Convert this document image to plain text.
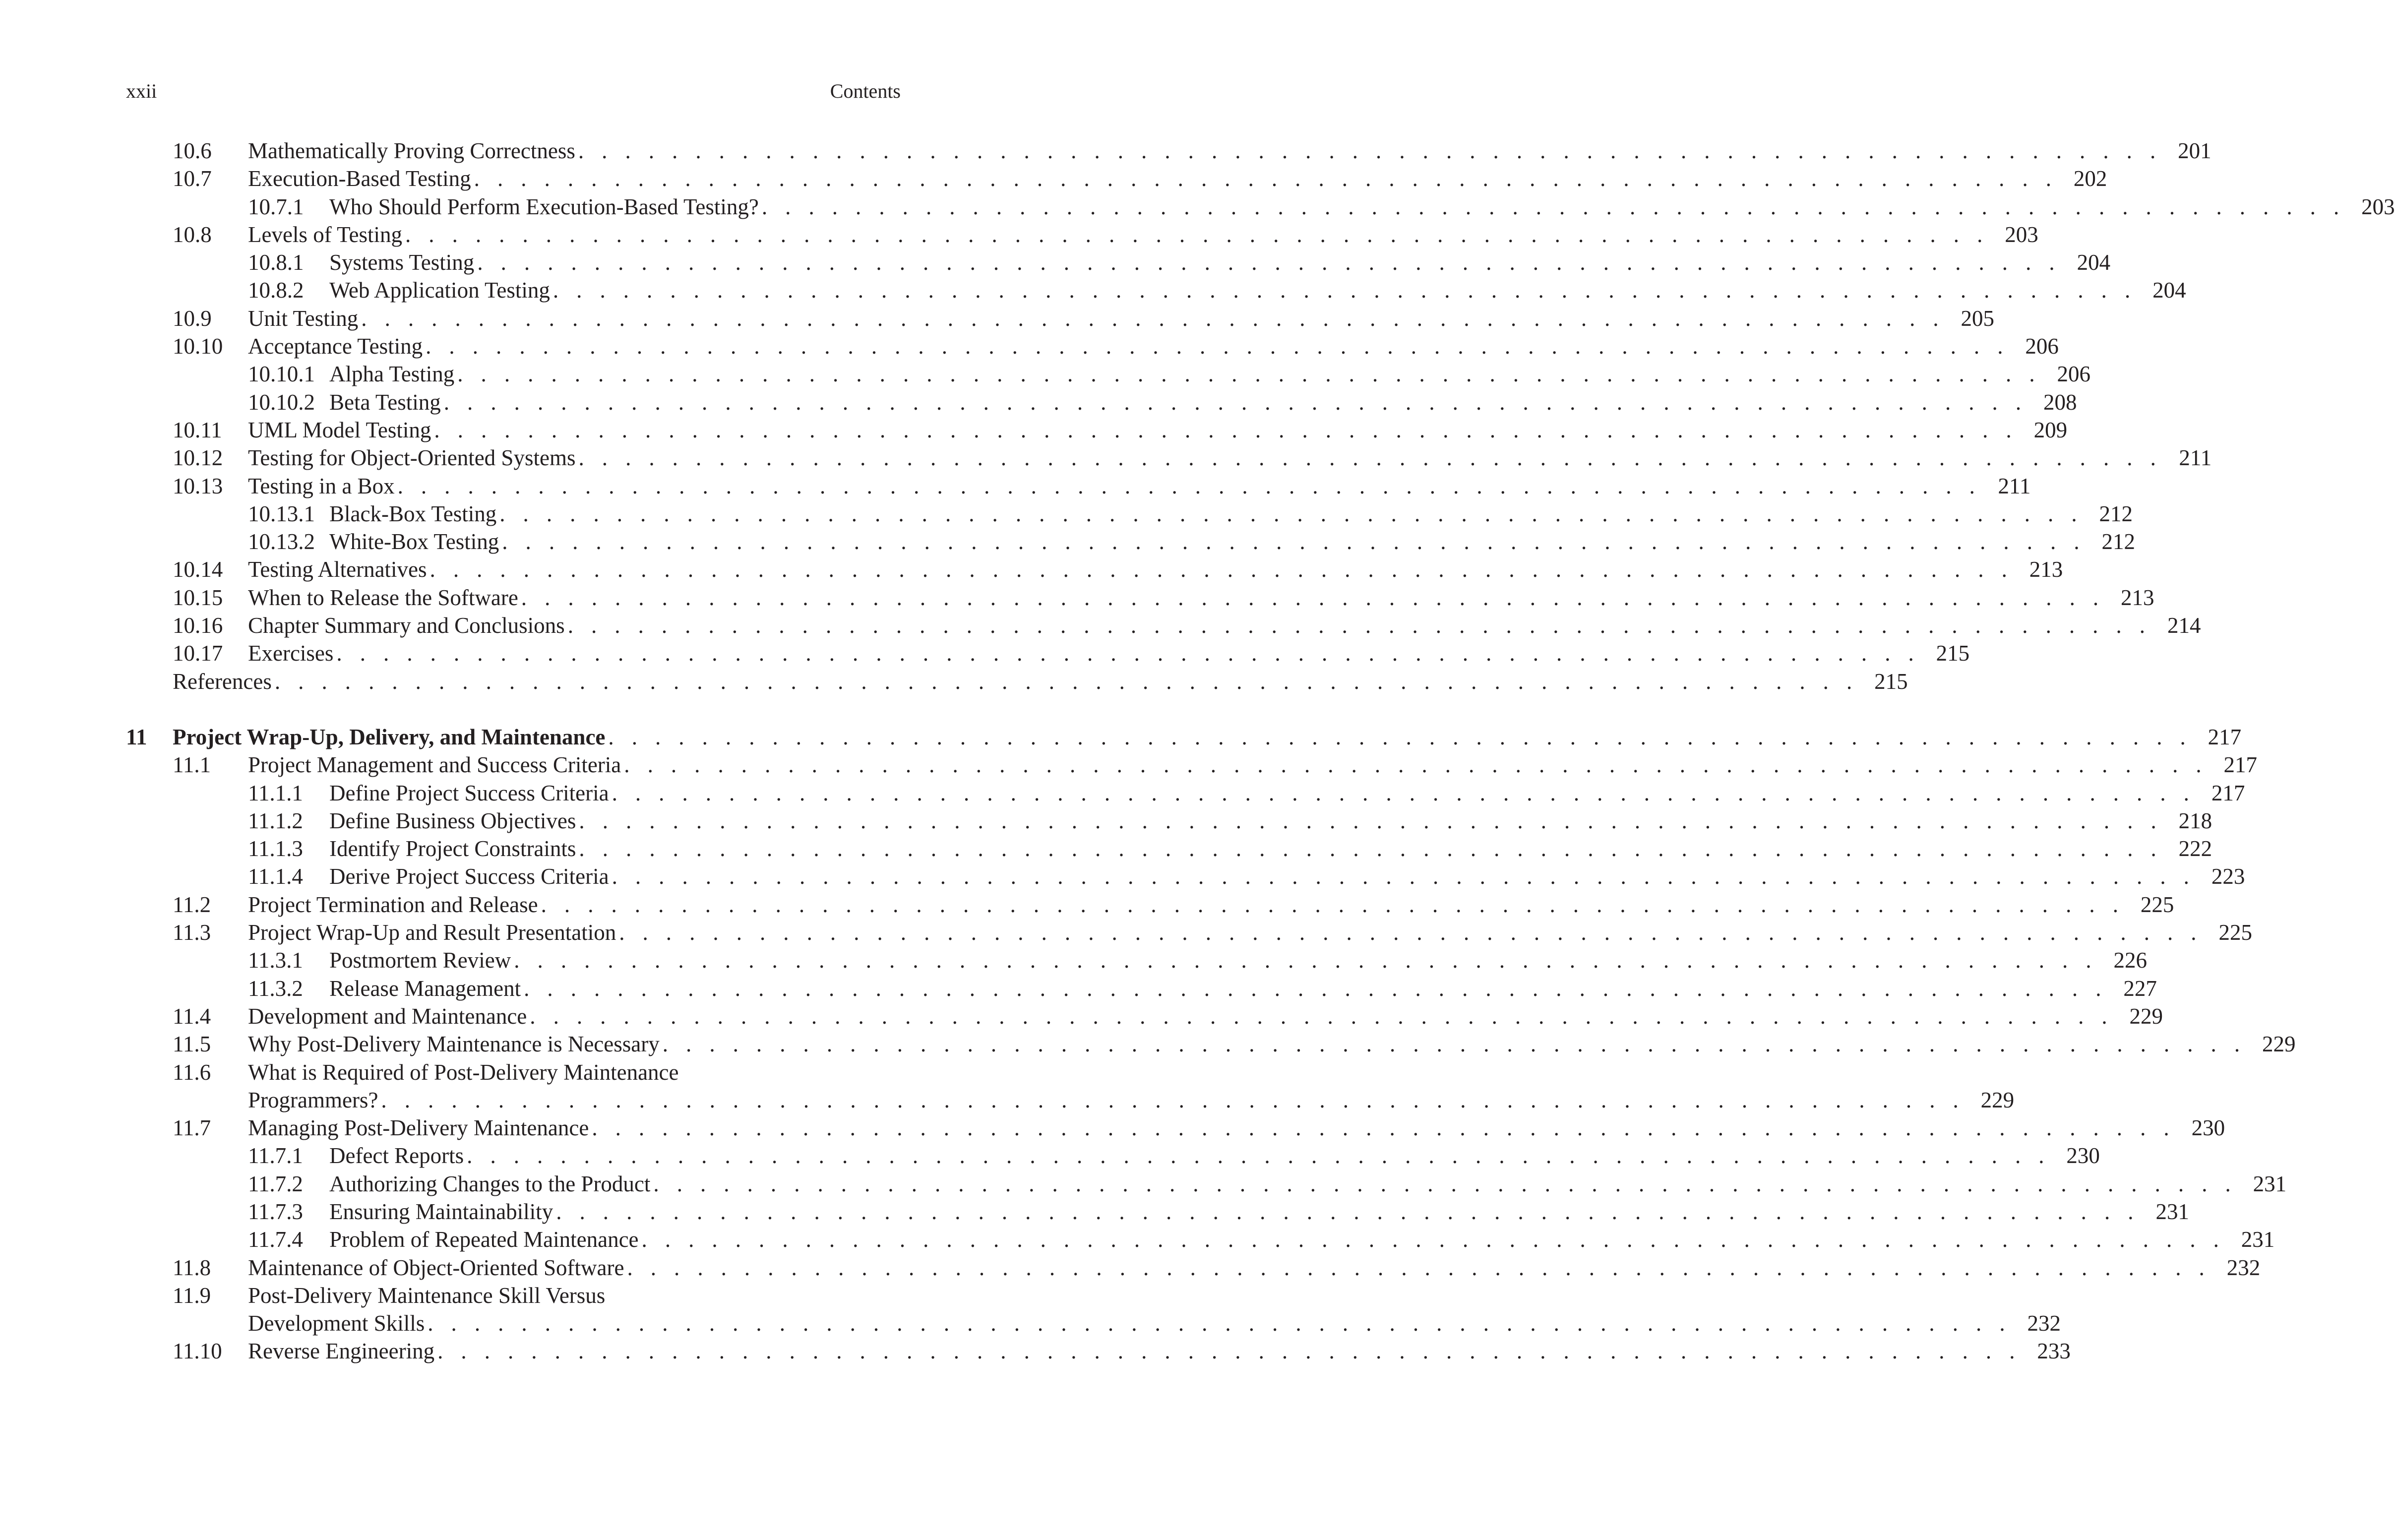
xxii	Contents
10.6 Mathematically Proving Correctness . . . . . . . . . . . . . . . . . . . . . . . . . . . . . . . . . . . . . . . . . . . . . . . . . . . . . . . . . . . . . . . . . . . . 201
10.7 Execution-Based Testing . . . . . . . . . . . . . . . . . . . . . . . . . . . . . . . . . . . . . . . . . . . . . . . . . . . . . . . . . . . . . . . . . . . . 202
10.7.1 Who Should Perform Execution-Based Testing? . . . . . . . . . . . . . . . . . . . . . . . . . . . . . . . . . . . . . . . . . . . . . . . . . . . . . . . . . . . . . . . . . . . . 203
10.8 Levels of Testing . . . . . . . . . . . . . . . . . . . . . . . . . . . . . . . . . . . . . . . . . . . . . . . . . . . . . . . . . . . . . . . . . . . . 203
10.8.1 Systems Testing . . . . . . . . . . . . . . . . . . . . . . . . . . . . . . . . . . . . . . . . . . . . . . . . . . . . . . . . . . . . . . . . . . . . 204
10.8.2 Web Application Testing . . . . . . . . . . . . . . . . . . . . . . . . . . . . . . . . . . . . . . . . . . . . . . . . . . . . . . . . . . . . . . . . . . . . 204
10.9 Unit Testing . . . . . . . . . . . . . . . . . . . . . . . . . . . . . . . . . . . . . . . . . . . . . . . . . . . . . . . . . . . . . . . . . . . . 205
10.10 Acceptance Testing . . . . . . . . . . . . . . . . . . . . . . . . . . . . . . . . . . . . . . . . . . . . . . . . . . . . . . . . . . . . . . . . . . . . 206
10.10.1 Alpha Testing . . . . . . . . . . . . . . . . . . . . . . . . . . . . . . . . . . . . . . . . . . . . . . . . . . . . . . . . . . . . . . . . . . . . 206
10.10.2 Beta Testing . . . . . . . . . . . . . . . . . . . . . . . . . . . . . . . . . . . . . . . . . . . . . . . . . . . . . . . . . . . . . . . . . . . . 208
10.11 UML Model Testing . . . . . . . . . . . . . . . . . . . . . . . . . . . . . . . . . . . . . . . . . . . . . . . . . . . . . . . . . . . . . . . . . . . . 209
10.12 Testing for Object-Oriented Systems . . . . . . . . . . . . . . . . . . . . . . . . . . . . . . . . . . . . . . . . . . . . . . . . . . . . . . . . . . . . . . . . . . . . 211
10.13 Testing in a Box . . . . . . . . . . . . . . . . . . . . . . . . . . . . . . . . . . . . . . . . . . . . . . . . . . . . . . . . . . . . . . . . . . . . 211
10.13.1 Black-Box Testing . . . . . . . . . . . . . . . . . . . . . . . . . . . . . . . . . . . . . . . . . . . . . . . . . . . . . . . . . . . . . . . . . . . . 212
10.13.2 White-Box Testing . . . . . . . . . . . . . . . . . . . . . . . . . . . . . . . . . . . . . . . . . . . . . . . . . . . . . . . . . . . . . . . . . . . . 212
10.14 Testing Alternatives . . . . . . . . . . . . . . . . . . . . . . . . . . . . . . . . . . . . . . . . . . . . . . . . . . . . . . . . . . . . . . . . . . . . 213
10.15 When to Release the Software . . . . . . . . . . . . . . . . . . . . . . . . . . . . . . . . . . . . . . . . . . . . . . . . . . . . . . . . . . . . . . . . . . . . 213
10.16 Chapter Summary and Conclusions . . . . . . . . . . . . . . . . . . . . . . . . . . . . . . . . . . . . . . . . . . . . . . . . . . . . . . . . . . . . . . . . . . . . 214
10.17 Exercises . . . . . . . . . . . . . . . . . . . . . . . . . . . . . . . . . . . . . . . . . . . . . . . . . . . . . . . . . . . . . . . . . . . . 215
References . . . . . . . . . . . . . . . . . . . . . . . . . . . . . . . . . . . . . . . . . . . . . . . . . . . . . . . . . . . . . . . . . . . . 215
11 Project Wrap-Up, Delivery, and Maintenance . . . . . . . . . . . . . . . . . . . . . . . . . . . . . . . . . . . . . . . . . . . . . . . . . . . . . . . . . . . . . . . . . . . . 217
11.1 Project Management and Success Criteria . . . . . . . . . . . . . . . . . . . . . . . . . . . . . . . . . . . . . . . . . . . . . . . . . . . . . . . . . . . . . . . . . . . . 217
11.1.1 Define Project Success Criteria . . . . . . . . . . . . . . . . . . . . . . . . . . . . . . . . . . . . . . . . . . . . . . . . . . . . . . . . . . . . . . . . . . . . 217
11.1.2 Define Business Objectives . . . . . . . . . . . . . . . . . . . . . . . . . . . . . . . . . . . . . . . . . . . . . . . . . . . . . . . . . . . . . . . . . . . . 218
11.1.3 Identify Project Constraints . . . . . . . . . . . . . . . . . . . . . . . . . . . . . . . . . . . . . . . . . . . . . . . . . . . . . . . . . . . . . . . . . . . . 222
11.1.4 Derive Project Success Criteria . . . . . . . . . . . . . . . . . . . . . . . . . . . . . . . . . . . . . . . . . . . . . . . . . . . . . . . . . . . . . . . . . . . . 223
11.2 Project Termination and Release . . . . . . . . . . . . . . . . . . . . . . . . . . . . . . . . . . . . . . . . . . . . . . . . . . . . . . . . . . . . . . . . . . . . 225
11.3 Project Wrap-Up and Result Presentation . . . . . . . . . . . . . . . . . . . . . . . . . . . . . . . . . . . . . . . . . . . . . . . . . . . . . . . . . . . . . . . . . . . . 225
11.3.1 Postmortem Review . . . . . . . . . . . . . . . . . . . . . . . . . . . . . . . . . . . . . . . . . . . . . . . . . . . . . . . . . . . . . . . . . . . . 226
11.3.2 Release Management . . . . . . . . . . . . . . . . . . . . . . . . . . . . . . . . . . . . . . . . . . . . . . . . . . . . . . . . . . . . . . . . . . . . 227
11.4 Development and Maintenance . . . . . . . . . . . . . . . . . . . . . . . . . . . . . . . . . . . . . . . . . . . . . . . . . . . . . . . . . . . . . . . . . . . . 229
11.5 Why Post-Delivery Maintenance is Necessary . . . . . . . . . . . . . . . . . . . . . . . . . . . . . . . . . . . . . . . . . . . . . . . . . . . . . . . . . . . . . . . . . . . . 229
11.6 What is Required of Post-Delivery Maintenance
Programmers? . . . . . . . . . . . . . . . . . . . . . . . . . . . . . . . . . . . . . . . . . . . . . . . . . . . . . . . . . . . . . . . . . . . . 229
11.7 Managing Post-Delivery Maintenance . . . . . . . . . . . . . . . . . . . . . . . . . . . . . . . . . . . . . . . . . . . . . . . . . . . . . . . . . . . . . . . . . . . . 230
11.7.1 Defect Reports . . . . . . . . . . . . . . . . . . . . . . . . . . . . . . . . . . . . . . . . . . . . . . . . . . . . . . . . . . . . . . . . . . . . 230
11.7.2 Authorizing Changes to the Product . . . . . . . . . . . . . . . . . . . . . . . . . . . . . . . . . . . . . . . . . . . . . . . . . . . . . . . . . . . . . . . . . . . . 231
11.7.3 Ensuring Maintainability . . . . . . . . . . . . . . . . . . . . . . . . . . . . . . . . . . . . . . . . . . . . . . . . . . . . . . . . . . . . . . . . . . . . 231
11.7.4 Problem of Repeated Maintenance . . . . . . . . . . . . . . . . . . . . . . . . . . . . . . . . . . . . . . . . . . . . . . . . . . . . . . . . . . . . . . . . . . . . 231
11.8 Maintenance of Object-Oriented Software . . . . . . . . . . . . . . . . . . . . . . . . . . . . . . . . . . . . . . . . . . . . . . . . . . . . . . . . . . . . . . . . . . . . 232
11.9 Post-Delivery Maintenance Skill Versus
Development Skills . . . . . . . . . . . . . . . . . . . . . . . . . . . . . . . . . . . . . . . . . . . . . . . . . . . . . . . . . . . . . . . . . . . . 232
11.10 Reverse Engineering . . . . . . . . . . . . . . . . . . . . . . . . . . . . . . . . . . . . . . . . . . . . . . . . . . . . . . . . . . . . . . . . . . . . 233
